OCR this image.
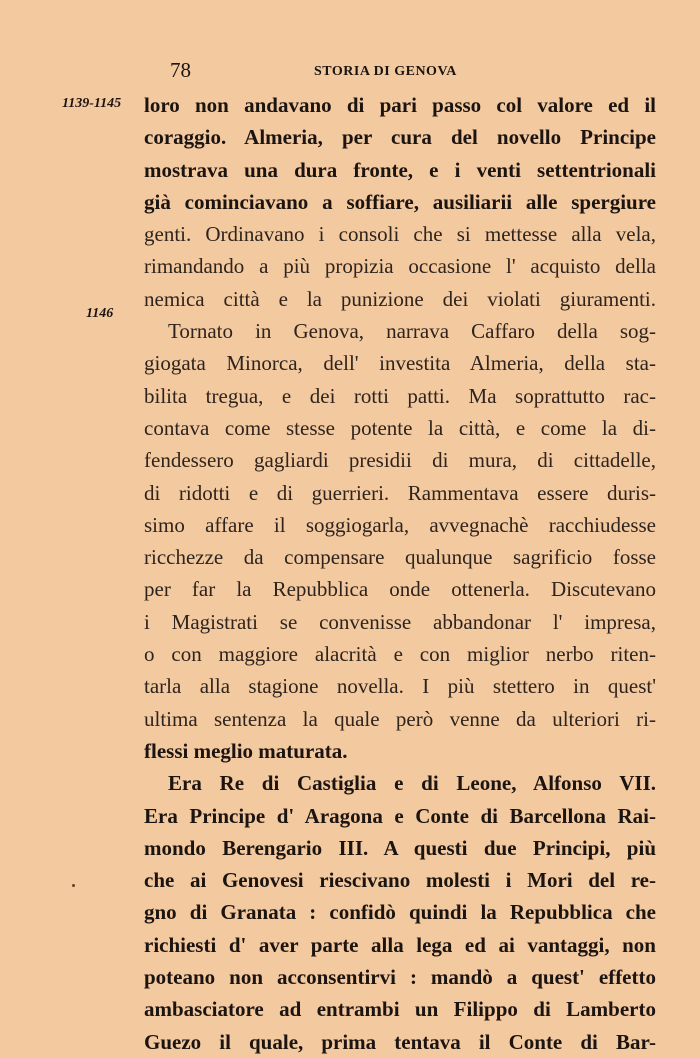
78	STORIA DI GENOVA
1139-1145
1146
loro non andavano di pari passo col valore ed il
coraggio. Almeria, per cura del novello Principe
mostrava una dura fronte, e i venti settentrionali
già cominciavano a soffiare, ausiliarii alle spergiure
genti. Ordinavano i consoli che si mettesse alla vela,
rimandando a più propizia occasione l' acquisto della
nemica città e la punizione dei violati giuramenti.
Tornato in Genova, narrava Caffaro della sog-
giogata Minorca, dell' investita Almeria, della sta-
bilita tregua, e dei rotti patti. Ma soprattutto rac-
contava come stesse potente la città, e come la di-
fendessero gagliardi presidii di mura, di cittadelle,
di ridotti e di guerrieri. Rammentava essere duris-
simo affare il soggiogarla, avvegnachè racchiudesse
ricchezze da compensare qualunque sagrificio fosse
per far la Repubblica onde ottenerla. Discutevano
i Magistrati se convenisse abbandonar l' impresa,
o con maggiore alacrità e con miglior nerbo riten-
tarla alla stagione novella. I più stettero in quest'
ultima sentenza la quale però venne da ulteriori ri-
flessi meglio maturata.
Era Re di Castiglia e di Leone, Alfonso VII.
Era Principe d' Aragona e Conte di Barcellona Rai-
mondo Berengario III. A questi due Principi, più
che ai Genovesi riescivano molesti i Mori del re-
gno di Granata : confidò quindi la Repubblica che
richiesti d' aver parte alla lega ed ai vantaggi, non
poteano non acconsentirvi : mandò a quest' effetto
ambasciatore ad entrambi un Filippo di Lamberto
Guezo il quale, prima tentava il Conte di Bar-
